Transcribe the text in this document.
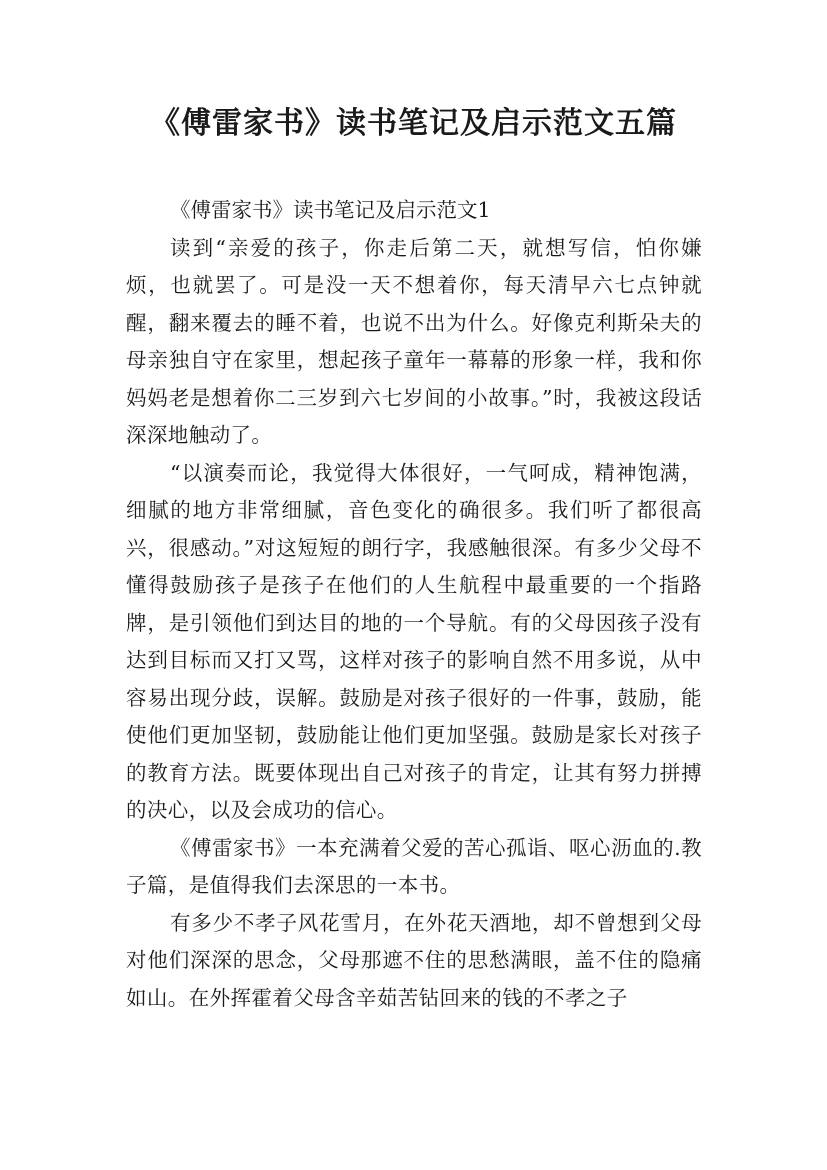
《傅雷家书》读书笔记及启示范文五篇

《傅雷家书》读书笔记及启示范文1

读到“亲爱的孩子，你走后第二天，就想写信，怕你嫌烦，也就罢了。可是没一天不想着你，每天清早六七点钟就醒，翻来覆去的睡不着，也说不出为什么。好像克利斯朵夫的母亲独自守在家里，想起孩子童年一幕幕的形象一样，我和你妈妈老是想着你二三岁到六七岁间的小故事。”时，我被这段话深深地触动了。

“以演奏而论，我觉得大体很好，一气呵成，精神饱满，细腻的地方非常细腻，音色变化的确很多。我们听了都很高兴，很感动。”对这短短的朗行字，我感触很深。有多少父母不懂得鼓励孩子是孩子在他们的人生航程中最重要的一个指路牌，是引领他们到达目的地的一个导航。有的父母因孩子没有达到目标而又打又骂，这样对孩子的影响自然不用多说，从中容易出现分歧，误解。鼓励是对孩子很好的一件事，鼓励，能使他们更加坚韧，鼓励能让他们更加坚强。鼓励是家长对孩子的教育方法。既要体现出自己对孩子的肯定，让其有努力拼搏的决心，以及会成功的信心。

《傅雷家书》一本充满着父爱的苦心孤诣、呕心沥血的.教子篇，是值得我们去深思的一本书。

有多少不孝子风花雪月，在外花天酒地，却不曾想到父母对他们深深的思念，父母那遮不住的思愁满眼，盖不住的隐痛如山。在外挥霍着父母含辛茹苦钻回来的钱的不孝之子
